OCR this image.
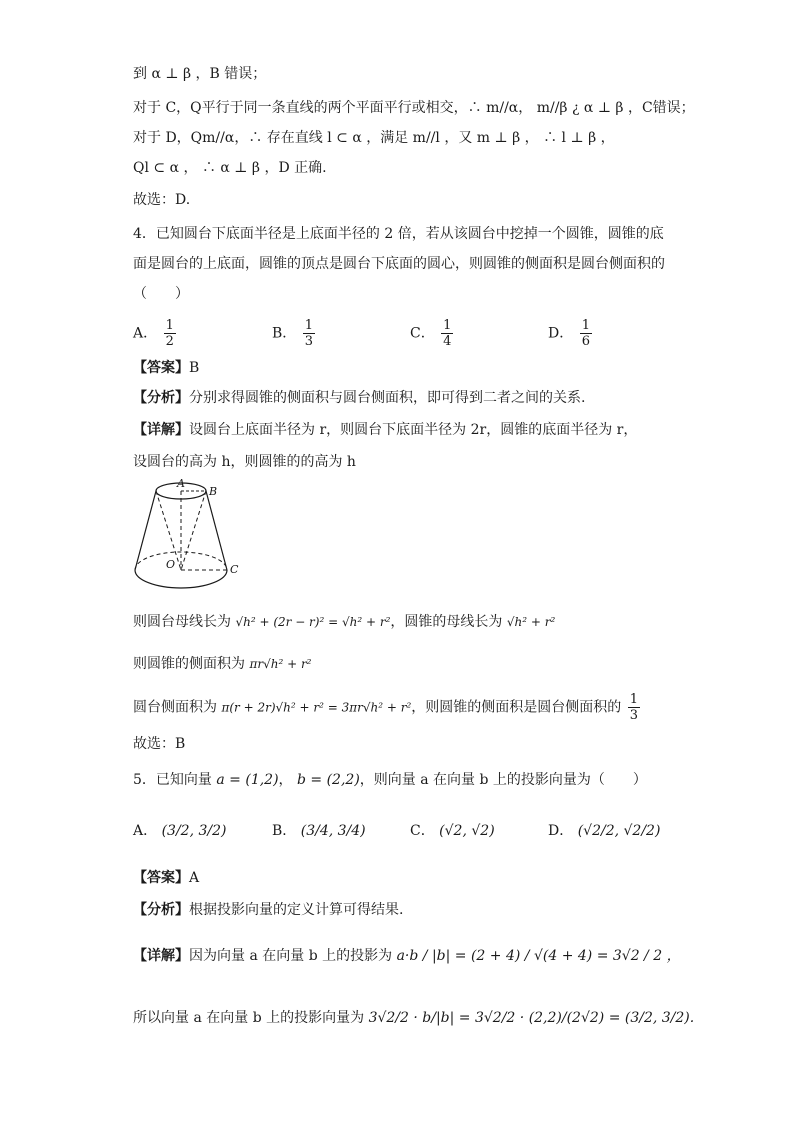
到 α ⊥ β ，B 错误；
对于 C，Q平行于同一条直线的两个平面平行或相交，∴ m//α， m//β ¿ α ⊥ β ，C错误；
对于 D，Qm//α，∴ 存在直线 l ⊂ α ，满足 m//l ，又 m ⊥ β ， ∴ l ⊥ β ，
Ql ⊂ α ， ∴ α ⊥ β ，D 正确.
故选：D.
4．已知圆台下底面半径是上底面半径的 2 倍，若从该圆台中挖掉一个圆锥，圆锥的底
面是圆台的上底面，圆锥的顶点是圆台下底面的圆心，则圆锥的侧面积是圆台侧面积的
（　　）
A． $\frac{1}{2}$	B． $\frac{1}{3}$	C． $\frac{1}{4}$	D． $\frac{1}{6}$
【答案】B
【分析】分别求得圆锥的侧面积与圆台侧面积，即可得到二者之间的关系.
【详解】设圆台上底面半径为 r，则圆台下底面半径为 2r，圆锥的底面半径为 r，
设圆台的高为 h，则圆锥的的高为 h
A
B
O	C
则圆台母线长为 √h² + (2r − r)² = √h² + r²，圆锥的母线长为 √h² + r²
则圆锥的侧面积为 πr√h² + r²
圆台侧面积为 π(r + 2r)√h² + r² = 3πr√h² + r²，则圆锥的侧面积是圆台侧面积的 $\frac{1}{3}$
故选：B
5．已知向量 a = (1,2)， b = (2,2)，则向量 a 在向量 b 上的投影向量为（　　）
A． (3/2, 3/2)	B． (3/4, 3/4)	C． (√2, √2)	D． (√2/2, √2/2)
【答案】A
【分析】根据投影向量的定义计算可得结果.
【详解】因为向量 a 在向量 b 上的投影为 a·b / |b| = (2 + 4) / √(4 + 4) = 3√2 / 2 ，
所以向量 a 在向量 b 上的投影向量为 3√2/2 · b/|b| = 3√2/2 · (2,2)/(2√2) = (3/2, 3/2).
